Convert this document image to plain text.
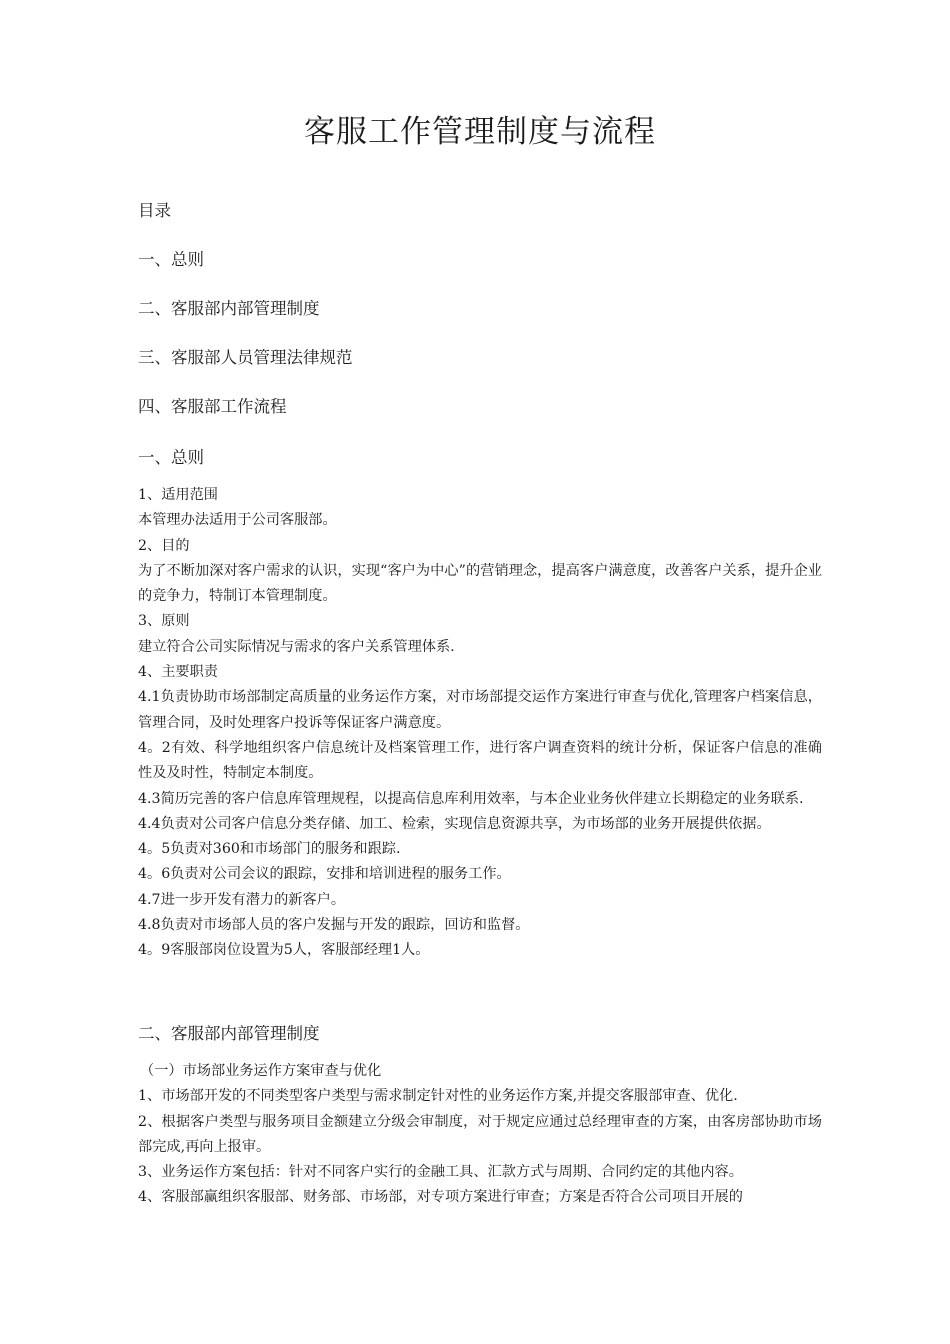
客服工作管理制度与流程
目录
一、总则
二、客服部内部管理制度
三、客服部人员管理法律规范
四、客服部工作流程
一、总则

1、适用范围

本管理办法适用于公司客服部。

2、目的

为了不断加深对客户需求的认识，实现“客户为中心”的营销理念，提高客户满意度，改善客户关系，提升企业的竞争力，特制订本管理制度。

3、原则

建立符合公司实际情况与需求的客户关系管理体系.

4、主要职责

4.1负责协助市场部制定高质量的业务运作方案，对市场部提交运作方案进行审查与优化,管理客户档案信息，管理合同，及时处理客户投诉等保证客户满意度。

4。2有效、科学地组织客户信息统计及档案管理工作，进行客户调查资料的统计分析，保证客户信息的准确性及及时性，特制定本制度。

4.3简历完善的客户信息库管理规程，以提高信息库利用效率，与本企业业务伙伴建立长期稳定的业务联系.

4.4负责对公司客户信息分类存储、加工、检索，实现信息资源共享，为市场部的业务开展提供依据。

4。5负责对360和市场部门的服务和跟踪.

4。6负责对公司会议的跟踪，安排和培训进程的服务工作。

4.7进一步开发有潜力的新客户。

4.8负责对市场部人员的客户发掘与开发的跟踪，回访和监督。

4。9客服部岗位设置为5人，客服部经理1人。

二、客服部内部管理制度

（一）市场部业务运作方案审查与优化

1、市场部开发的不同类型客户类型与需求制定针对性的业务运作方案,并提交客服部审查、优化.

2、根据客户类型与服务项目金额建立分级会审制度，对于规定应通过总经理审查的方案，由客房部协助市场部完成,再向上报审。

3、业务运作方案包括：针对不同客户实行的金融工具、汇款方式与周期、合同约定的其他内容。

4、客服部赢组织客服部、财务部、市场部，对专项方案进行审查；方案是否符合公司项目开展的
